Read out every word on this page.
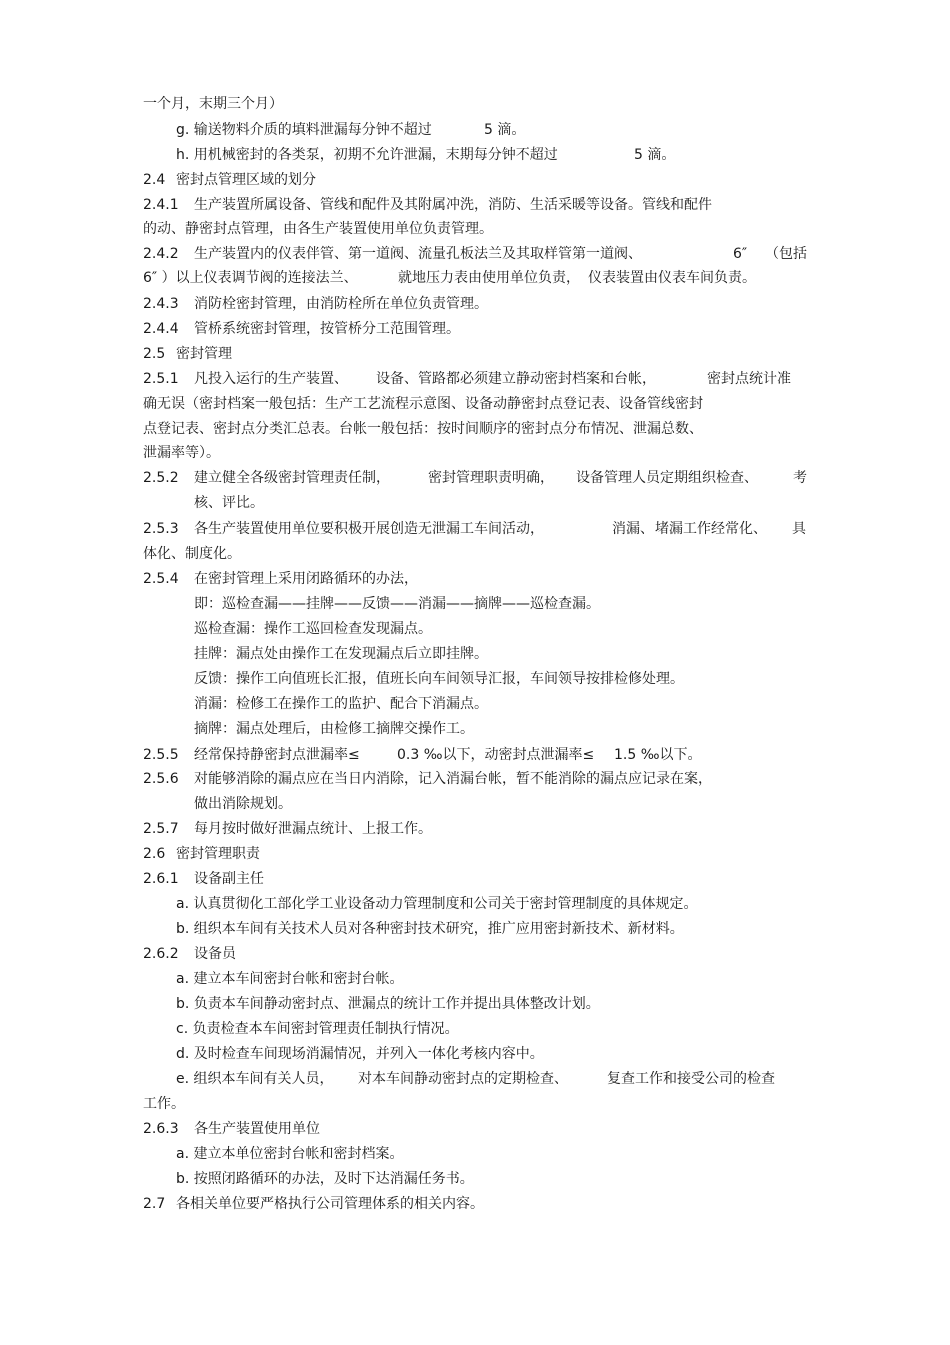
一个月，末期三个月）
g. 输送物料介质的填料泄漏每分钟不超过	5 滴。
h. 用机械密封的各类泵，初期不允许泄漏，末期每分钟不超过	5 滴。
2.4 密封点管理区域的划分
2.4.1 生产装置所属设备、管线和配件及其附属冲洗，消防、生活采暖等设备。管线和配件
的动、静密封点管理，由各生产装置使用单位负责管理。
2.4.2 生产装置内的仪表伴管、第一道阀、流量孔板法兰及其取样管第一道阀、	6″ （包括
6″ ）以上仪表调节阀的连接法兰、	就地压力表由使用单位负责， 仪表装置由仪表车间负责。
2.4.3 消防栓密封管理，由消防栓所在单位负责管理。
2.4.4 管桥系统密封管理，按管桥分工范围管理。
2.5 密封管理
2.5.1 凡投入运行的生产装置、 设备、管路都必须建立静动密封档案和台帐，	密封点统计准
确无误（密封档案一般包括：生产工艺流程示意图、设备动静密封点登记表、设备管线密封
点登记表、密封点分类汇总表。台帐一般包括：按时间顺序的密封点分布情况、泄漏总数、
泄漏率等）。
2.5.2 建立健全各级密封管理责任制，	密封管理职责明确， 设备管理人员定期组织检查、	考
核、评比。
2.5.3 各生产装置使用单位要积极开展创造无泄漏工车间活动，	消漏、 堵漏工作经常化、 具
体化、制度化。
2.5.4 在密封管理上采用闭路循环的办法，
即：巡检查漏——挂牌——反馈——消漏——摘牌——巡检查漏。
巡检查漏：操作工巡回检查发现漏点。
挂牌：漏点处由操作工在发现漏点后立即挂牌。
反馈：操作工向值班长汇报，值班长向车间领导汇报，车间领导按排检修处理。
消漏：检修工在操作工的监护、配合下消漏点。
摘牌：漏点处理后，由检修工摘牌交操作工。
2.5.5 经常保持静密封点泄漏率≤	0.3 ‰以下，动密封点泄漏率≤ 1.5 ‰以下。
2.5.6 对能够消除的漏点应在当日内消除，记入消漏台帐，暂不能消除的漏点应记录在案，
做出消除规划。
2.5.7 每月按时做好泄漏点统计、上报工作。
2.6 密封管理职责
2.6.1 设备副主任
a. 认真贯彻化工部化学工业设备动力管理制度和公司关于密封管理制度的具体规定。
b. 组织本车间有关技术人员对各种密封技术研究，推广应用密封新技术、新材料。
2.6.2 设备员
a. 建立本车间密封台帐和密封台帐。
b. 负责本车间静动密封点、泄漏点的统计工作并提出具体整改计划。
c. 负责检查本车间密封管理责任制执行情况。
d. 及时检查车间现场消漏情况，并列入一体化考核内容中。
e. 组织本车间有关人员， 对本车间静动密封点的定期检查、	复查工作和接受公司的检查
工作。
2.6.3 各生产装置使用单位
a. 建立本单位密封台帐和密封档案。
b. 按照闭路循环的办法，及时下达消漏任务书。
2.7 各相关单位要严格执行公司管理体系的相关内容。
